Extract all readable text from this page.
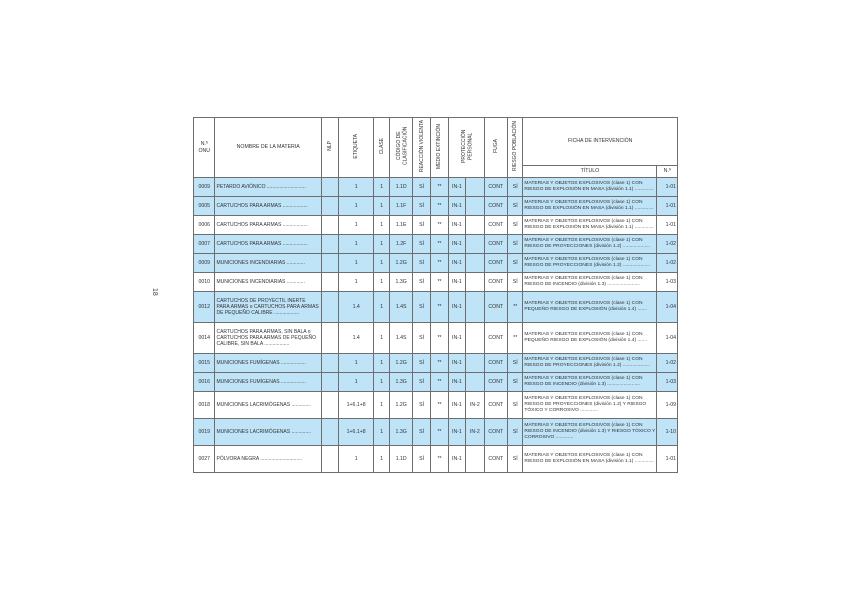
18
N.º ONU	NOMBRE DE LA MATERIA	NLP	ETIQUETA	CLASE	CÓDIGO DE CLASIFICACIÓN	REACCIÓN VIOLENTA	MEDIO EXTINCIÓN	PROTECCIÓN PERSONAL		FUGA	RIESGO POBLACIÓN	FICHA DE INTERVENCIÓN	
												TÍTULO	N.º
0009	PETARDO AVIÓNICO ............................		1	1	1.1D	SÍ	**	IN-1		CONT	SÍ	MATERIAS Y OBJETOS EXPLOSIVOS (clase 1) CON RIESGO DE EXPLOSIÓN EN MASA (división 1.1) ..............	1-01
0005	CARTUCHOS PARA ARMAS ..................		1	1	1.1F	SÍ	**	IN-1		CONT	SÍ	MATERIAS Y OBJETOS EXPLOSIVOS (clase 1) CON RIESGO DE EXPLOSIÓN EN MASA (división 1.1) ..............	1-01
0006	CARTUCHOS PARA ARMAS ..................		1	1	1.1E	SÍ	**	IN-1		CONT	SÍ	MATERIAS Y OBJETOS EXPLOSIVOS (clase 1) CON RIESGO DE EXPLOSIÓN EN MASA (división 1.1) ..............	1-01
0007	CARTUCHOS PARA ARMAS ..................		1	1	1.2F	SÍ	**	IN-1		CONT	SÍ	MATERIAS Y OBJETOS EXPLOSIVOS (clase 1) CON RIESGO DE PROYECCIONES (división 1.2) ....................	1-02
0009	MUNICIONES INCENDIARIAS .............		1	1	1.2G	SÍ	**	IN-1		CONT	SÍ	MATERIAS Y OBJETOS EXPLOSIVOS (clase 1) CON RIESGO DE PROYECCIONES (división 1.2) ....................	1-02
0010	MUNICIONES INCENDIARIAS .............		1	1	1.3G	SÍ	**	IN-1		CONT	SÍ	MATERIAS Y OBJETOS EXPLOSIVOS (clase 1) CON RIESGO DE INCENDIO (división 1.3) ........................	1-03
0012	CARTUCHOS DE PROYECTIL INERTE PARA ARMAS o CARTUCHOS PARA ARMAS DE PEQUEÑO CALIBRE ..................		1.4	1	1.4S	SÍ	**	IN-1		CONT	**	MATERIAS Y OBJETOS EXPLOSIVOS (clase 1) CON PEQUEÑO RIESGO DE EXPLOSIÓN (división 1.4) .......	1-04
0014	CARTUCHOS PARA ARMAS, SIN BALA o CARTUCHOS PARA ARMAS DE PEQUEÑO CALIBRE, SIN BALA ..................		1.4	1	1.4S	SÍ	**	IN-1		CONT	**	MATERIAS Y OBJETOS EXPLOSIVOS (clase 1) CON PEQUEÑO RIESGO DE EXPLOSIÓN (división 1.4) .......	1-04
0015	MUNICIONES FUMÍGENAS ..................		1	1	1.2G	SÍ	**	IN-1		CONT	SÍ	MATERIAS Y OBJETOS EXPLOSIVOS (clase 1) CON RIESGO DE PROYECCIONES (división 1.2) ....................	1-02
0016	MUNICIONES FUMÍGENAS ..................		1	1	1.3G	SÍ	**	IN-1		CONT	SÍ	MATERIAS Y OBJETOS EXPLOSIVOS (clase 1) CON RIESGO DE INCENDIO (división 1.3) ........................	1-03
0018	MUNICIONES LACRIMÓGENAS ..............		1+6.1+8	1	1.2G	SÍ	**	IN-1	IN-2	CONT	SÍ	MATERIAS Y OBJETOS EXPLOSIVOS (clase 1) CON RIESGO DE PROYECCIONES (división 1.2) Y RIESGO TÓXICO Y CORROSIVO .............	1-09
0019	MUNICIONES LACRIMÓGENAS ..............		1+6.1+8	1	1.3G	SÍ	**	IN-1	IN-2	CONT	SÍ	MATERIAS Y OBJETOS EXPLOSIVOS (clase 1) CON RIESGO DE INCENDIO (división 1.3) Y RIESGO TÓXICO Y CORROSIVO .............	1-10
0027	PÓLVORA NEGRA ..............................		1	1	1.1D	SÍ	**	IN-1		CONT	SÍ	MATERIAS Y OBJETOS EXPLOSIVOS (clase 1) CON RIESGO DE EXPLOSIÓN EN MASA (división 1.1) ..............	1-01
